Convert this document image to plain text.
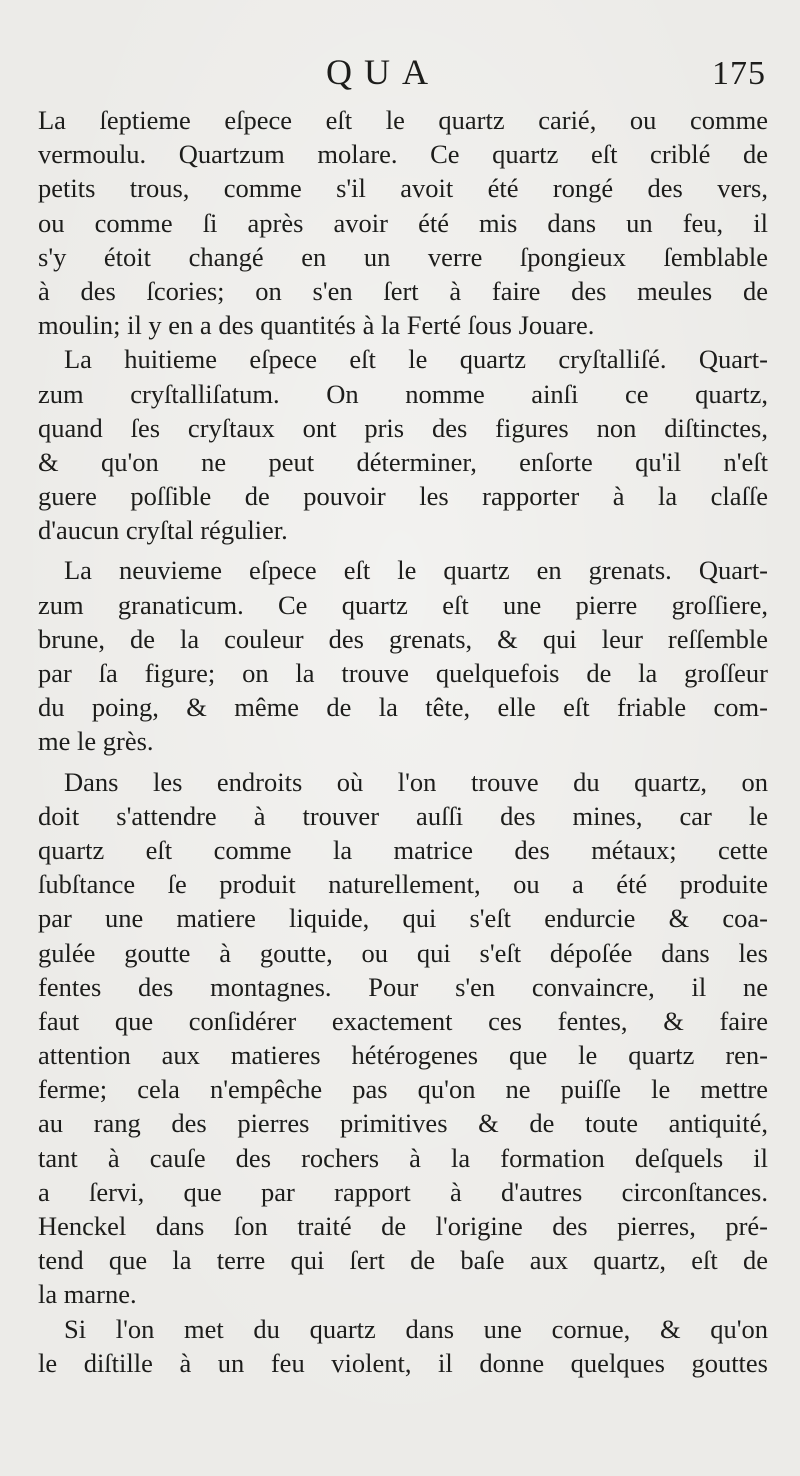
QUA	175
La ſeptieme eſpece eſt le quartz carié, ou comme
vermoulu. Quartzum molare. Ce quartz eſt criblé de
petits trous, comme s'il avoit été rongé des vers,
ou comme ſi après avoir été mis dans un feu, il
s'y étoit changé en un verre ſpongieux ſemblable
à des ſcories; on s'en ſert à faire des meules de
moulin; il y en a des quantités à la Ferté ſous Jouare.
La huitieme eſpece eſt le quartz cryſtalliſé. Quart-
zum cryſtalliſatum. On nomme ainſi ce quartz,
quand ſes cryſtaux ont pris des figures non diſtinctes,
& qu'on ne peut déterminer, enſorte qu'il n'eſt
guere poſſible de pouvoir les rapporter à la claſſe
d'aucun cryſtal régulier.
La neuvieme eſpece eſt le quartz en grenats. Quart-
zum granaticum. Ce quartz eſt une pierre groſſiere,
brune, de la couleur des grenats, & qui leur reſſemble
par ſa figure; on la trouve quelquefois de la groſſeur
du poing, & même de la tête, elle eſt friable com-
me le grès.
Dans les endroits où l'on trouve du quartz, on
doit s'attendre à trouver auſſi des mines, car le
quartz eſt comme la matrice des métaux; cette
ſubſtance ſe produit naturellement, ou a été produite
par une matiere liquide, qui s'eſt endurcie & coa-
gulée goutte à goutte, ou qui s'eſt dépoſée dans les
fentes des montagnes. Pour s'en convaincre, il ne
faut que conſidérer exactement ces fentes, & faire
attention aux matieres hétérogenes que le quartz ren-
ferme; cela n'empêche pas qu'on ne puiſſe le mettre
au rang des pierres primitives & de toute antiquité,
tant à cauſe des rochers à la formation deſquels il
a ſervi, que par rapport à d'autres circonſtances.
Henckel dans ſon traité de l'origine des pierres, pré-
tend que la terre qui ſert de baſe aux quartz, eſt de
la marne.
Si l'on met du quartz dans une cornue, & qu'on
le diſtille à un feu violent, il donne quelques gouttes
